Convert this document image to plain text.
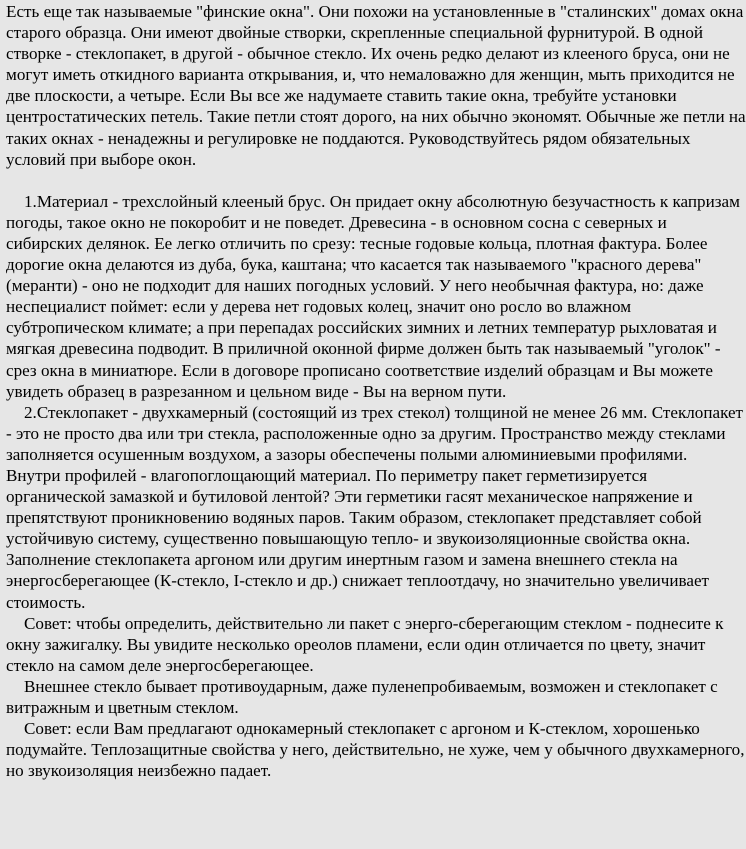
Есть еще так называемые "финские окна". Они похожи на установленные в "сталинских" домах окна старого образца. Они имеют двойные створки, скрепленные специальной фурнитурой. В одной створке - стеклопакет, в другой - обычное стекло. Их очень редко делают из клееного бруса, они не могут иметь откидного варианта открывания, и, что немаловажно для женщин, мыть приходится не две плоскости, а четыре. Если Вы все же надумаете ставить такие окна, требуйте установки центростатических петель. Такие петли стоят дорого, на них обычно экономят. Обычные же петли на таких окнах - ненадежны и регулировке не поддаются. Руководствуйтесь рядом обязательных условий при выборе окон.

1.Материал - трехслойный клееный брус. Он придает окну абсолютную безучастность к капризам погоды, такое окно не покоробит и не поведет. Древесина - в основном сосна с северных и сибирских делянок. Ее легко отличить по срезу: тесные годовые кольца, плотная фактура. Более дорогие окна делаются из дуба, бука, каштана; что касается так называемого "красного дерева" (меранти) - оно не подходит для наших погодных условий. У него необычная фактура, но: даже неспециалист поймет: если у дерева нет годовых колец, значит оно росло во влажном субтропическом климате; а при перепадах российских зимних и летних температур рыхловатая и мягкая древесина подводит. В приличной оконной фирме должен быть так называемый "уголок" - срез окна в миниатюре. Если в договоре прописано соответствие изделий образцам и Вы можете увидеть образец в разрезанном и цельном виде - Вы на верном пути.

2.Стеклопакет - двухкамерный (состоящий из трех стекол) толщиной не менее 26 мм. Стеклопакет - это не просто два или три стекла, расположенные одно за другим. Пространство между стеклами заполняется осушенным воздухом, а зазоры обеспечены полыми алюминиевыми профилями. Внутри профилей - влагопоглощающий материал. По периметру пакет герметизируется органической замазкой и бутиловой лентой? Эти герметики гасят механическое напряжение и препятствуют проникновению водяных паров. Таким образом, стеклопакет представляет собой устойчивую систему, существенно повышающую тепло- и звукоизоляционные свойства окна. Заполнение стеклопакета аргоном или другим инертным газом и замена внешнего стекла на энергосберегающее (К-стекло, I-стекло и др.) снижает теплоотдачу, но значительно увеличивает стоимость.

Совет: чтобы определить, действительно ли пакет с энерго-сберегающим стеклом - поднесите к окну зажигалку. Вы увидите несколько ореолов пламени, если один отличается по цвету, значит стекло на самом деле энергосберегающее.

Внешнее стекло бывает противоударным, даже пуленепробиваемым, возможен и стеклопакет с витражным и цветным стеклом.

Совет: если Вам предлагают однокамерный стеклопакет с аргоном и К-стеклом, хорошенько подумайте. Теплозащитные свойства у него, действительно, не хуже, чем у обычного двухкамерного, но звукоизоляция неизбежно падает.
